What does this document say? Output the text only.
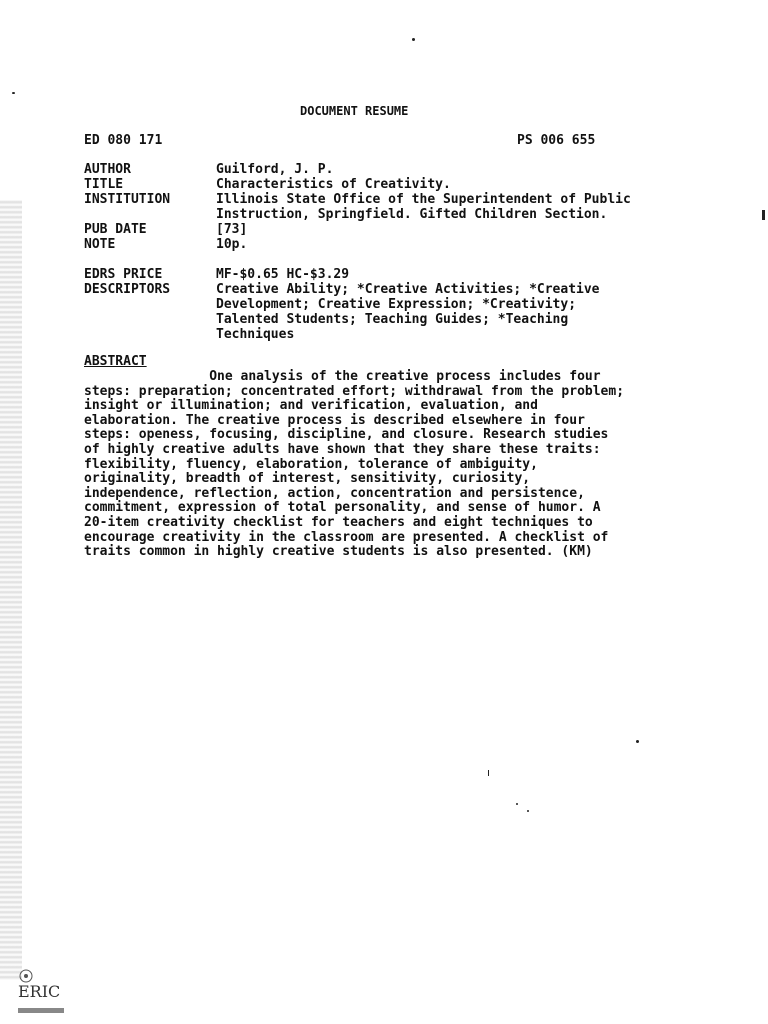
DOCUMENT RESUME
ED 080 171	PS 006 655
AUTHOR	Guilford, J. P.
TITLE	Characteristics of Creativity.
INSTITUTION	Illinois State Office of the Superintendent of Public
Instruction, Springfield. Gifted Children Section.
PUB DATE	[73]
NOTE	10p.
EDRS PRICE	MF-$0.65 HC-$3.29
DESCRIPTORS	Creative Ability; *Creative Activities; *Creative
Development; Creative Expression; *Creativity;
Talented Students; Teaching Guides; *Teaching
Techniques
ABSTRACT
One analysis of the creative process includes four
steps: preparation; concentrated effort; withdrawal from the problem;
insight or illumination; and verification, evaluation, and
elaboration. The creative process is described elsewhere in four
steps: openess, focusing, discipline, and closure. Research studies
of highly creative adults have shown that they share these traits:
flexibility, fluency, elaboration, tolerance of ambiguity,
originality, breadth of interest, sensitivity, curiosity,
independence, reflection, action, concentration and persistence,
commitment, expression of total personality, and sense of humor. A
20-item creativity checklist for teachers and eight techniques to
encourage creativity in the classroom are presented. A checklist of
traits common in highly creative students is also presented. (KM)
ERIC
